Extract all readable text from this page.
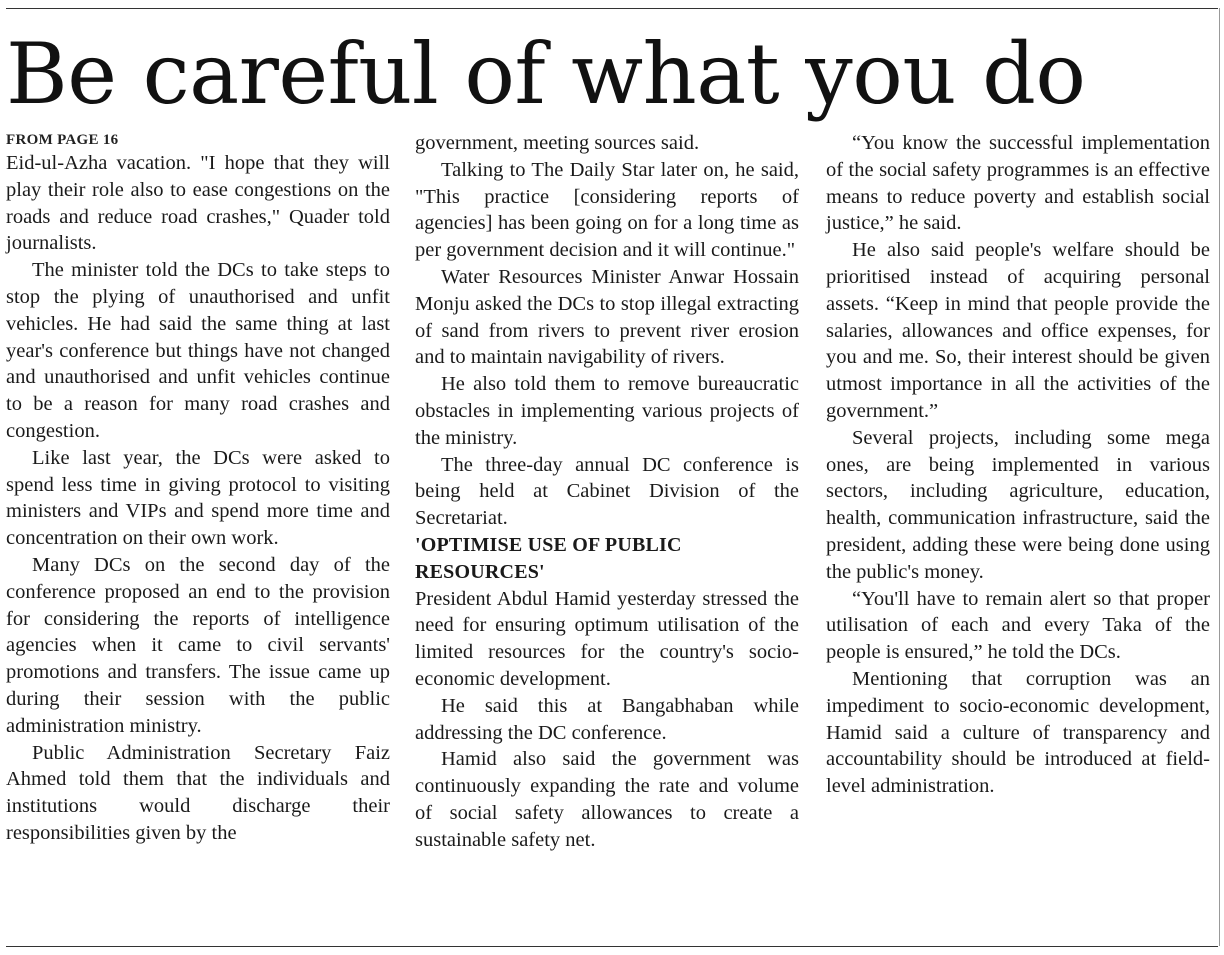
Be careful of what you do
FROM PAGE 16

Eid-ul-Azha vacation. "I hope that they will play their role also to ease congestions on the roads and reduce road crashes," Quader told journalists.

The minister told the DCs to take steps to stop the plying of unauthorised and unfit vehicles. He had said the same thing at last year's conference but things have not changed and unauthorised and unfit vehicles continue to be a reason for many road crashes and congestion.

Like last year, the DCs were asked to spend less time in giving protocol to visiting ministers and VIPs and spend more time and concentration on their own work.

Many DCs on the second day of the conference proposed an end to the provision for considering the reports of intelligence agencies when it came to civil servants' promotions and transfers. The issue came up during their session with the public administration ministry.

Public Administration Secretary Faiz Ahmed told them that the individuals and institutions would discharge their responsibilities given by the

government, meeting sources said.

Talking to The Daily Star later on, he said, "This practice [considering reports of agencies] has been going on for a long time as per government decision and it will continue."

Water Resources Minister Anwar Hossain Monju asked the DCs to stop illegal extracting of sand from rivers to prevent river erosion and to maintain navigability of rivers.

He also told them to remove bureaucratic obstacles in implementing various projects of the ministry.

The three-day annual DC conference is being held at Cabinet Division of the Secretariat.

'OPTIMISE USE OF PUBLIC RESOURCES'

President Abdul Hamid yesterday stressed the need for ensuring optimum utilisation of the limited resources for the country's socio-economic development.

He said this at Bangabhaban while addressing the DC conference.

Hamid also said the government was continuously expanding the rate and volume of social safety allowances to create a sustainable safety net.

“You know the successful implementation of the social safety programmes is an effective means to reduce poverty and establish social justice,” he said.

He also said people's welfare should be prioritised instead of acquiring personal assets. “Keep in mind that people provide the salaries, allowances and office expenses, for you and me. So, their interest should be given utmost importance in all the activities of the government.”

Several projects, including some mega ones, are being implemented in various sectors, including agriculture, education, health, communication infrastructure, said the president, adding these were being done using the public's money.

“You'll have to remain alert so that proper utilisation of each and every Taka of the people is ensured,” he told the DCs.

Mentioning that corruption was an impediment to socio-economic development, Hamid said a culture of transparency and accountability should be introduced at field-level administration.
